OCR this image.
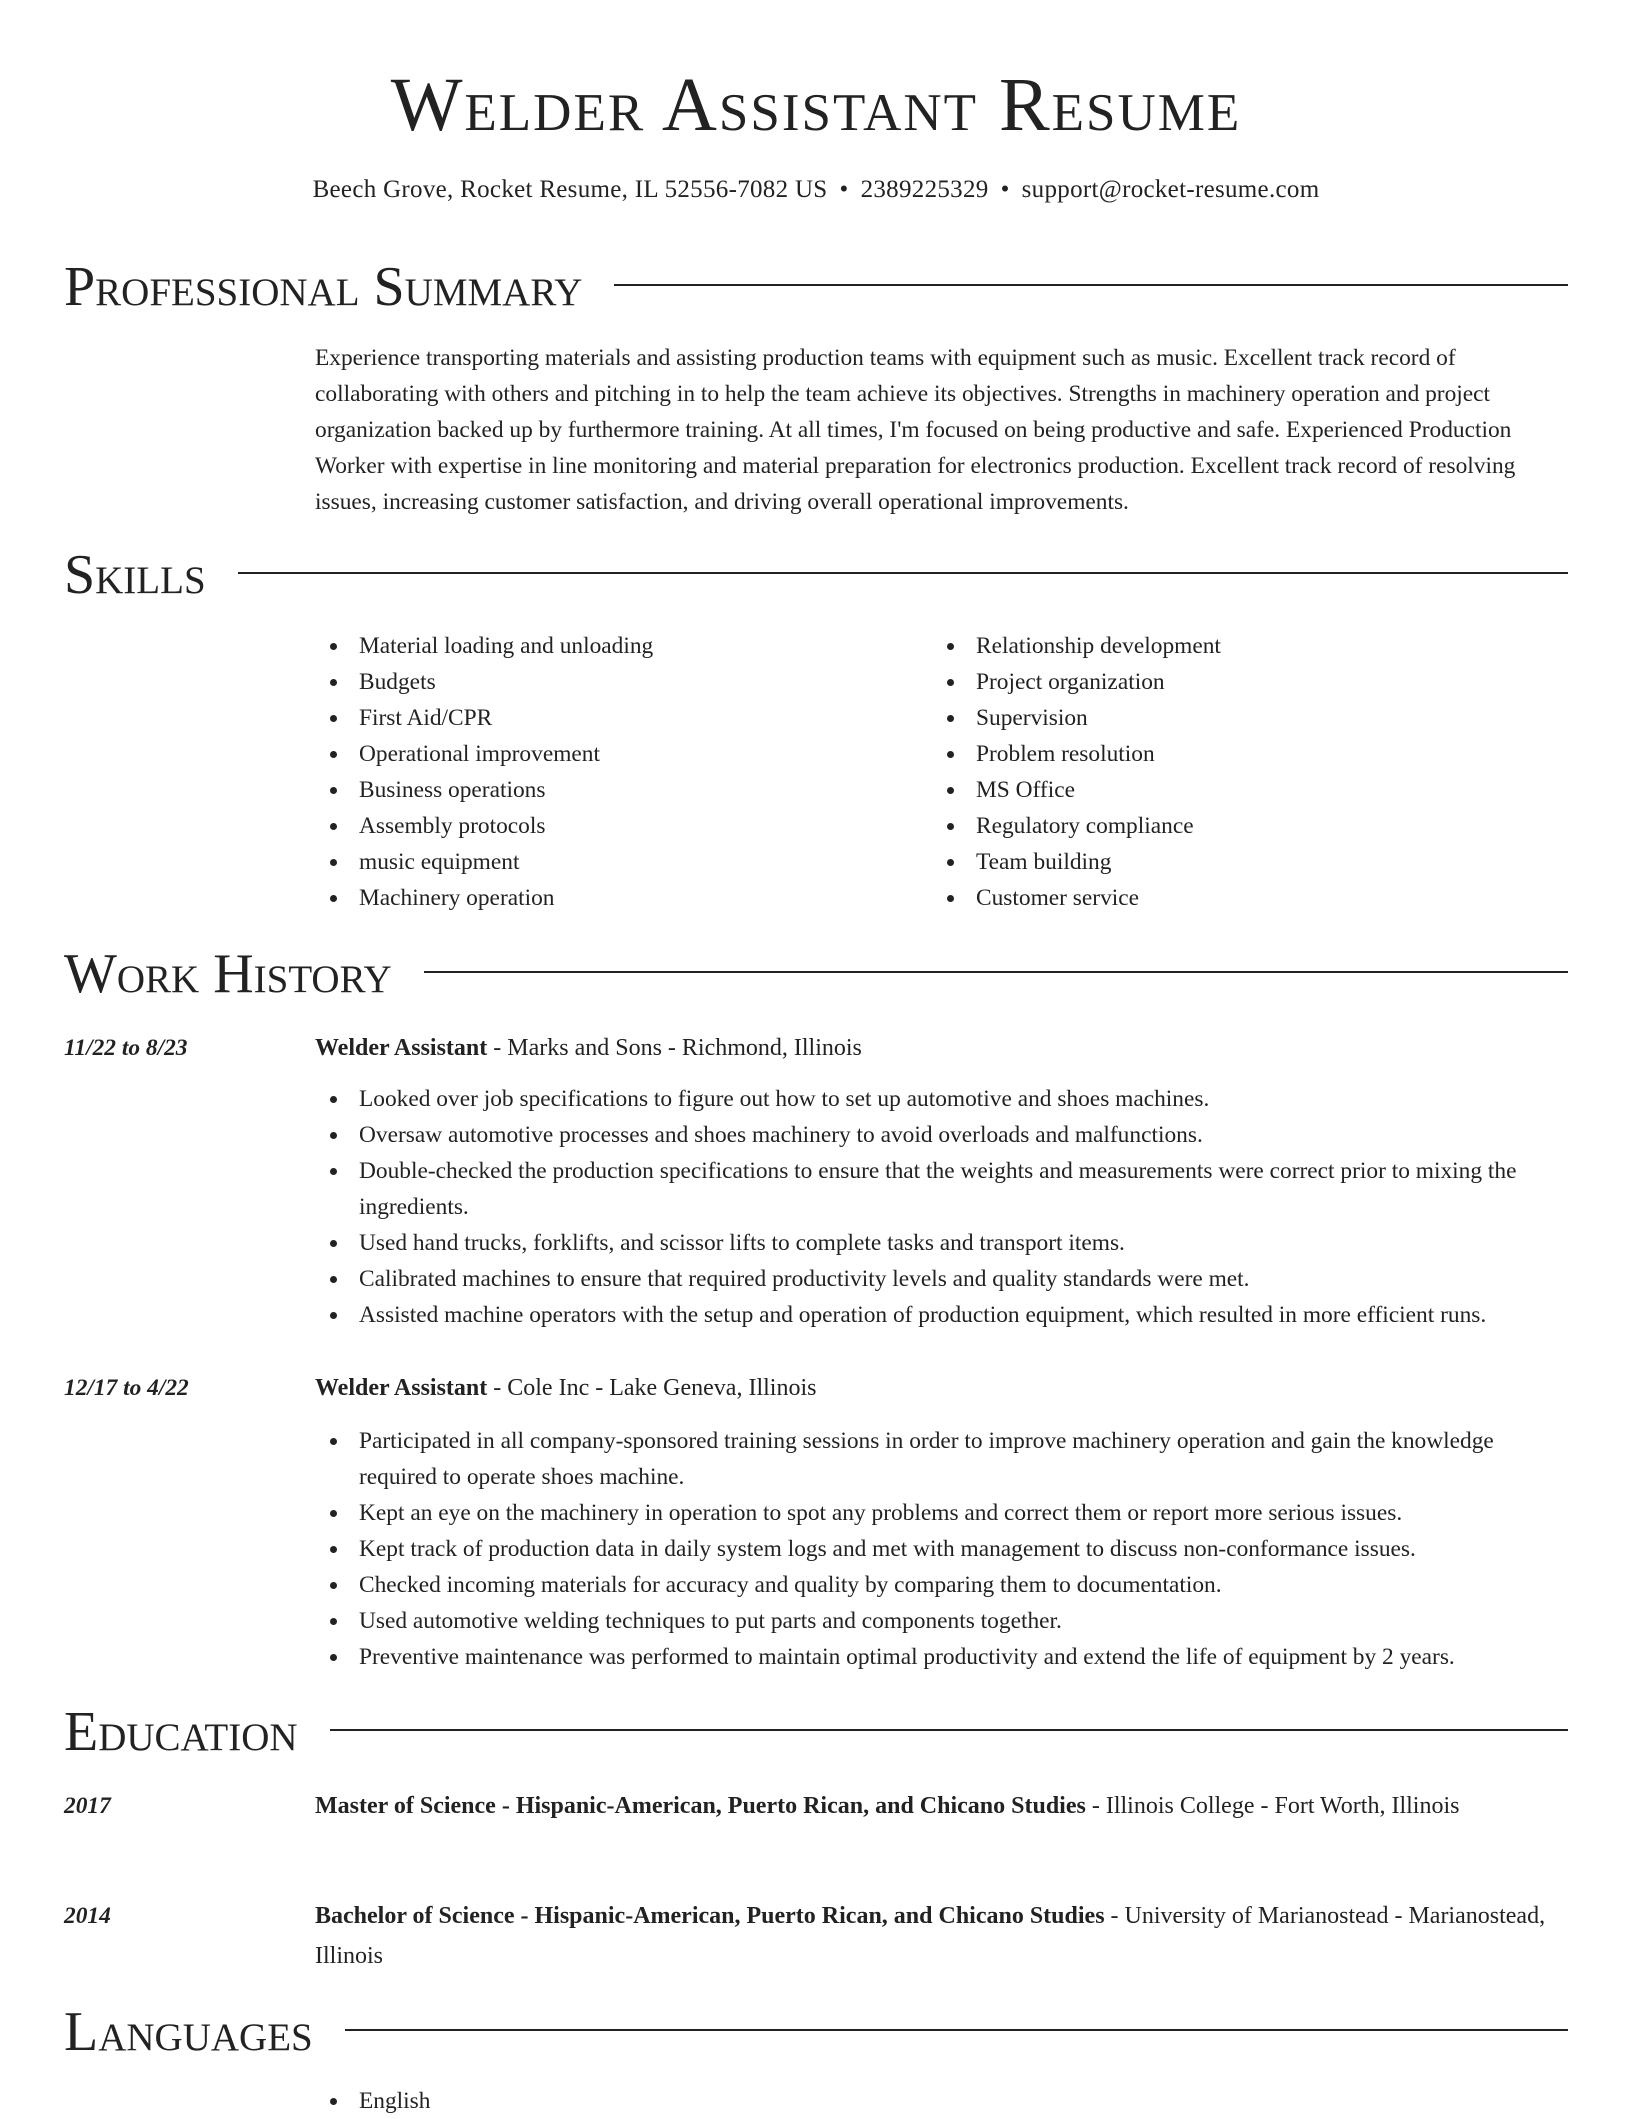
Welder Assistant Resume
Beech Grove, Rocket Resume, IL 52556-7082 US • 2389225329 • support@rocket-resume.com
Professional Summary

Experience transporting materials and assisting production teams with equipment such as music. Excellent track record of collaborating with others and pitching in to help the team achieve its objectives. Strengths in machinery operation and project organization backed up by furthermore training. At all times, I'm focused on being productive and safe. Experienced Production Worker with expertise in line monitoring and material preparation for electronics production. Excellent track record of resolving issues, increasing customer satisfaction, and driving overall operational improvements.

Skills
Material loading and unloading
Budgets
First Aid/CPR
Operational improvement
Business operations
Assembly protocols
music equipment
Machinery operation
Relationship development
Project organization
Supervision
Problem resolution
MS Office
Regulatory compliance
Team building
Customer service
Work History
11/22 to 8/23	Welder Assistant - Marks and Sons - Richmond, Illinois
Looked over job specifications to figure out how to set up automotive and shoes machines.
Oversaw automotive processes and shoes machinery to avoid overloads and malfunctions.
Double-checked the production specifications to ensure that the weights and measurements were correct prior to mixing the ingredients.
Used hand trucks, forklifts, and scissor lifts to complete tasks and transport items.
Calibrated machines to ensure that required productivity levels and quality standards were met.
Assisted machine operators with the setup and operation of production equipment, which resulted in more efficient runs.
12/17 to 4/22	Welder Assistant - Cole Inc - Lake Geneva, Illinois
Participated in all company-sponsored training sessions in order to improve machinery operation and gain the knowledge required to operate shoes machine.
Kept an eye on the machinery in operation to spot any problems and correct them or report more serious issues.
Kept track of production data in daily system logs and met with management to discuss non-conformance issues.
Checked incoming materials for accuracy and quality by comparing them to documentation.
Used automotive welding techniques to put parts and components together.
Preventive maintenance was performed to maintain optimal productivity and extend the life of equipment by 2 years.
Education
2017	Master of Science - Hispanic-American, Puerto Rican, and Chicano Studies - Illinois College - Fort Worth, Illinois
2014	Bachelor of Science - Hispanic-American, Puerto Rican, and Chicano Studies - University of Marianostead - Marianostead, Illinois
Languages
English
